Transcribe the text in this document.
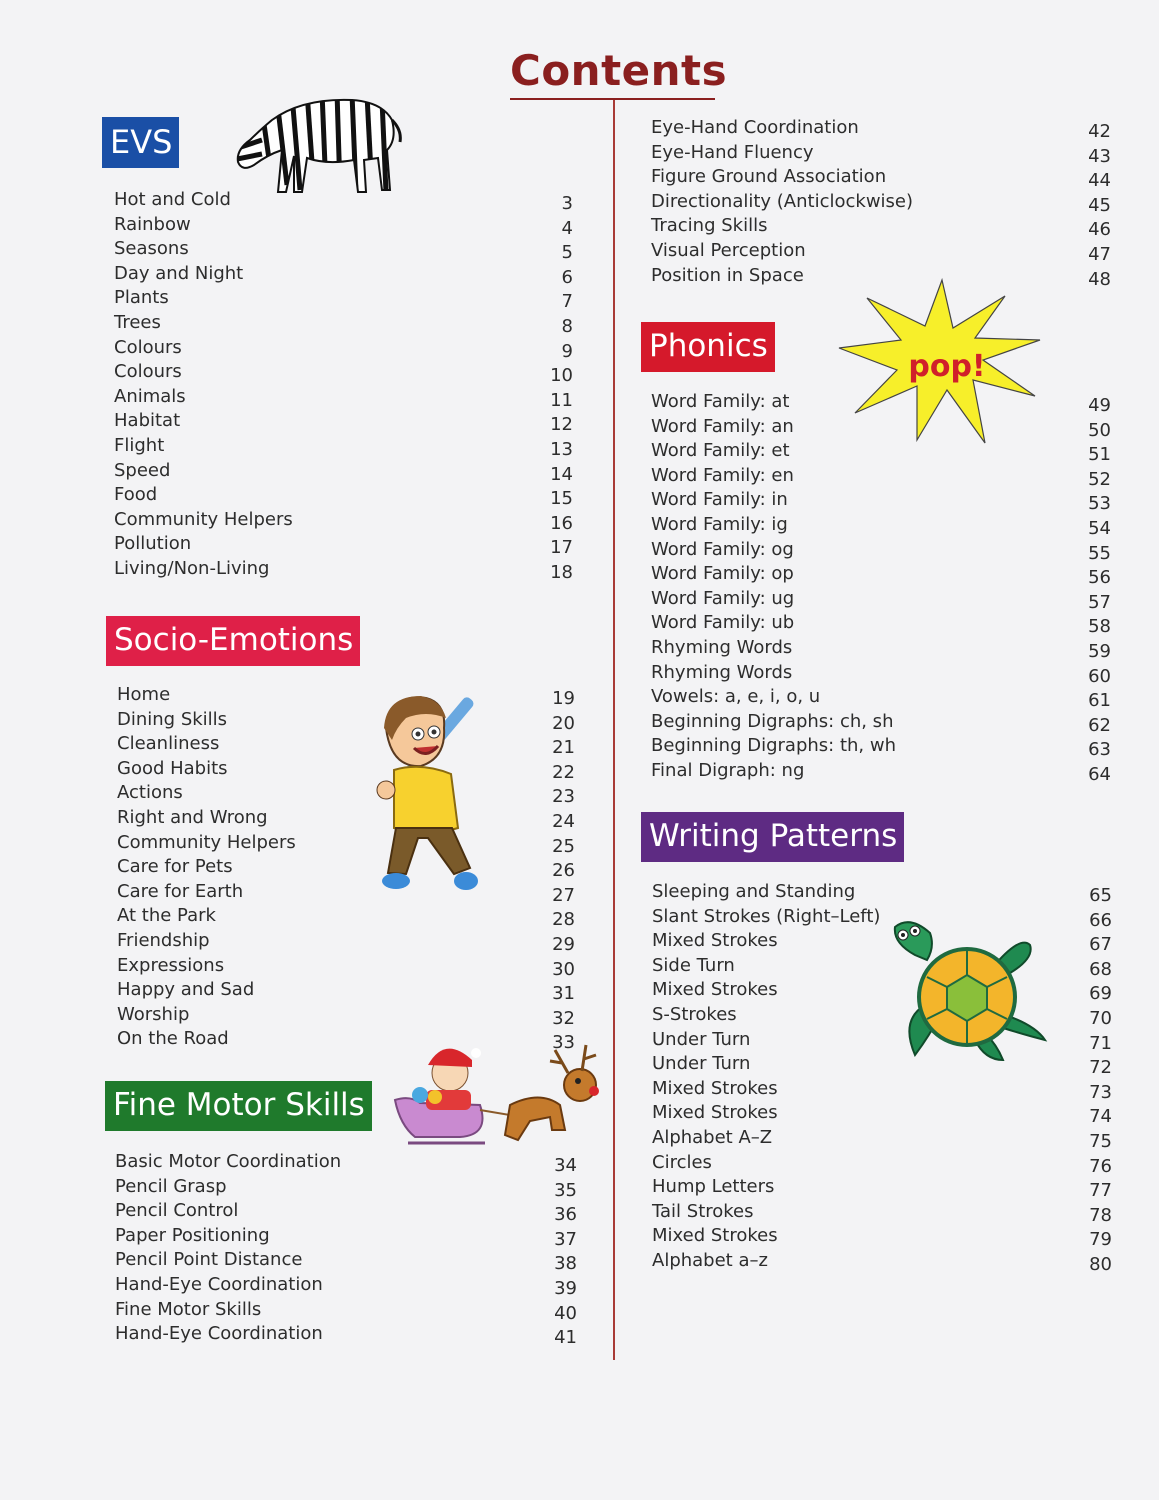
Contents
EVS
Hot and Cold	3
Rainbow	4
Seasons	5
Day and Night	6
Plants	7
Trees	8
Colours	9
Colours	10
Animals	11
Habitat	12
Flight	13
Speed	14
Food	15
Community Helpers	16
Pollution	17
Living/Non-Living	18
Socio-Emotions
Home	19
Dining Skills	20
Cleanliness	21
Good Habits	22
Actions	23
Right and Wrong	24
Community Helpers	25
Care for Pets	26
Care for Earth	27
At the Park	28
Friendship	29
Expressions	30
Happy and Sad	31
Worship	32
On the Road	33
Fine Motor Skills
Basic Motor Coordination	34
Pencil Grasp	35
Pencil Control	36
Paper Positioning	37
Pencil Point Distance	38
Hand-Eye Coordination	39
Fine Motor Skills	40
Hand-Eye Coordination	41
Eye-Hand Coordination	42
Eye-Hand Fluency	43
Figure Ground Association	44
Directionality (Anticlockwise)	45
Tracing Skills	46
Visual Perception	47
Position in Space	48
Phonics
Word Family: at	49
Word Family: an	50
Word Family: et	51
Word Family: en	52
Word Family: in	53
Word Family: ig	54
Word Family: og	55
Word Family: op	56
Word Family: ug	57
Word Family: ub	58
Rhyming Words	59
Rhyming Words	60
Vowels: a, e, i, o, u	61
Beginning Digraphs: ch, sh	62
Beginning Digraphs: th, wh	63
Final Digraph: ng	64
Writing Patterns
Sleeping and Standing	65
Slant Strokes (Right–Left)	66
Mixed Strokes	67
Side Turn	68
Mixed Strokes	69
S-Strokes	70
Under Turn	71
Under Turn	72
Mixed Strokes	73
Mixed Strokes	74
Alphabet A–Z	75
Circles	76
Hump Letters	77
Tail Strokes	78
Mixed Strokes	79
Alphabet a–z	80
pop!
